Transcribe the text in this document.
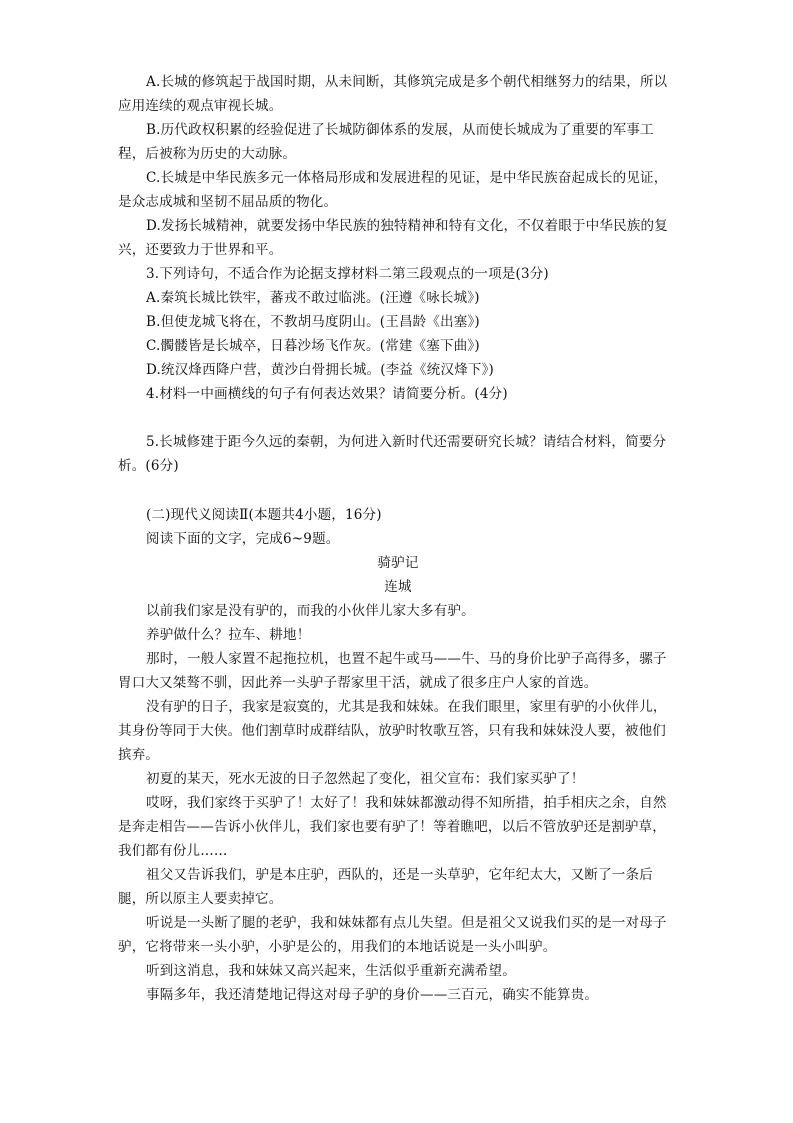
A.长城的修筑起于战国时期，从未间断，其修筑完成是多个朝代相继努力的结果，所以应用连续的观点审视长城。

B.历代政权积累的经验促进了长城防御体系的发展，从而使长城成为了重要的军事工程，后被称为历史的大动脉。

C.长城是中华民族多元一体格局形成和发展进程的见证，是中华民族奋起成长的见证，是众志成城和坚韧不屈品质的物化。

D.发扬长城精神，就要发扬中华民族的独特精神和特有文化，不仅着眼于中华民族的复兴，还要致力于世界和平。

3.下列诗句，不适合作为论据支撑材料二第三段观点的一项是(3分)

A.秦筑长城比铁牢，蕃戎不敢过临洮。(汪遵《咏长城》)

B.但使龙城飞将在，不教胡马度阴山。(王昌龄《出塞》)

C.髑髅皆是长城卒，日暮沙场飞作灰。(常建《塞下曲》)

D.统汉烽西降户营，黄沙白骨拥长城。(李益《统汉烽下》)

4.材料一中画横线的句子有何表达效果？请简要分析。(4分)

5.长城修建于距今久远的秦朝，为何进入新时代还需要研究长城？请结合材料，简要分析。(6分)

(二)现代义阅读Ⅱ(本题共4小题，16分)

阅读下面的文字，完成6~9题。

骑驴记

连城

以前我们家是没有驴的，而我的小伙伴儿家大多有驴。

养驴做什么？拉车、耕地！

那时，一般人家置不起拖拉机，也置不起牛或马——牛、马的身价比驴子高得多，骡子胃口大又桀骜不驯，因此养一头驴子帮家里干活，就成了很多庄户人家的首选。

没有驴的日子，我家是寂寞的，尤其是我和妹妹。在我们眼里，家里有驴的小伙伴儿，其身份等同于大侠。他们割草时成群结队，放驴时牧歌互答，只有我和妹妹没人要，被他们摈弃。

初夏的某天，死水无波的日子忽然起了变化，祖父宣布：我们家买驴了！

哎呀，我们家终于买驴了！太好了！我和妹妹都激动得不知所措，拍手相庆之余，自然是奔走相告——告诉小伙伴儿，我们家也要有驴了！等着瞧吧，以后不管放驴还是割驴草，我们都有份儿……

祖父又告诉我们，驴是本庄驴，西队的，还是一头草驴，它年纪太大，又断了一条后腿，所以原主人要卖掉它。

听说是一头断了腿的老驴，我和妹妹都有点儿失望。但是祖父又说我们买的是一对母子驴，它将带来一头小驴，小驴是公的，用我们的本地话说是一头小叫驴。

听到这消息，我和妹妹又高兴起来，生活似乎重新充满希望。

事隔多年，我还清楚地记得这对母子驴的身价——三百元，确实不能算贵。
